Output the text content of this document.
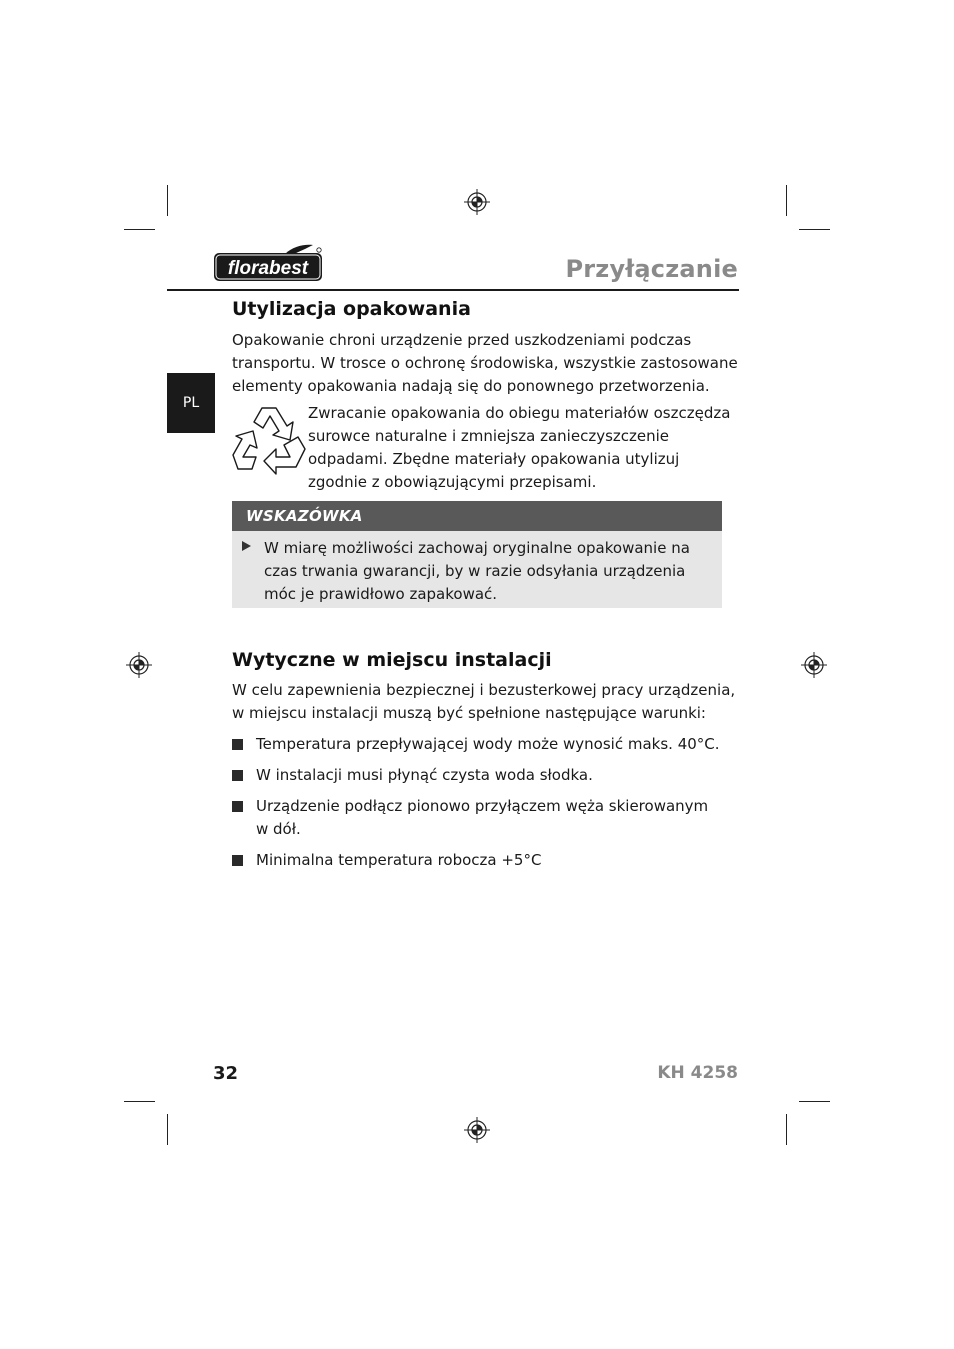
florabest	Przyłączanie
PL
Utylizacja opakowania

Opakowanie chroni urządzenie przed uszkodzeniami podczas
transportu. W trosce o ochronę środowiska, wszystkie zastosowane
elementy opakowania nadają się do ponownego przetworzenia.

Zwracanie opakowania do obiegu materiałów oszczędza
surowce naturalne i zmniejsza zanieczyszczenie
odpadami. Zbędne materiały opakowania utylizuj
zgodnie z obowiązującymi przepisami.

WSKAZÓWKA

W miarę możliwości zachowaj oryginalne opakowanie na
czas trwania gwarancji, by w razie odsyłania urządzenia
móc je prawidłowo zapakować.

Wytyczne w miejscu instalacji

W celu zapewnienia bezpiecznej i bezusterkowej pracy urządzenia,
w miejscu instalacji muszą być spełnione następujące warunki:

Temperatura przepływającej wody może wynosić maks. 40°C.

W instalacji musi płynąć czysta woda słodka.

Urządzenie podłącz pionowo przyłączem węża skierowanym
w dół.

Minimalna temperatura robocza +5°C

32	KH 4258
